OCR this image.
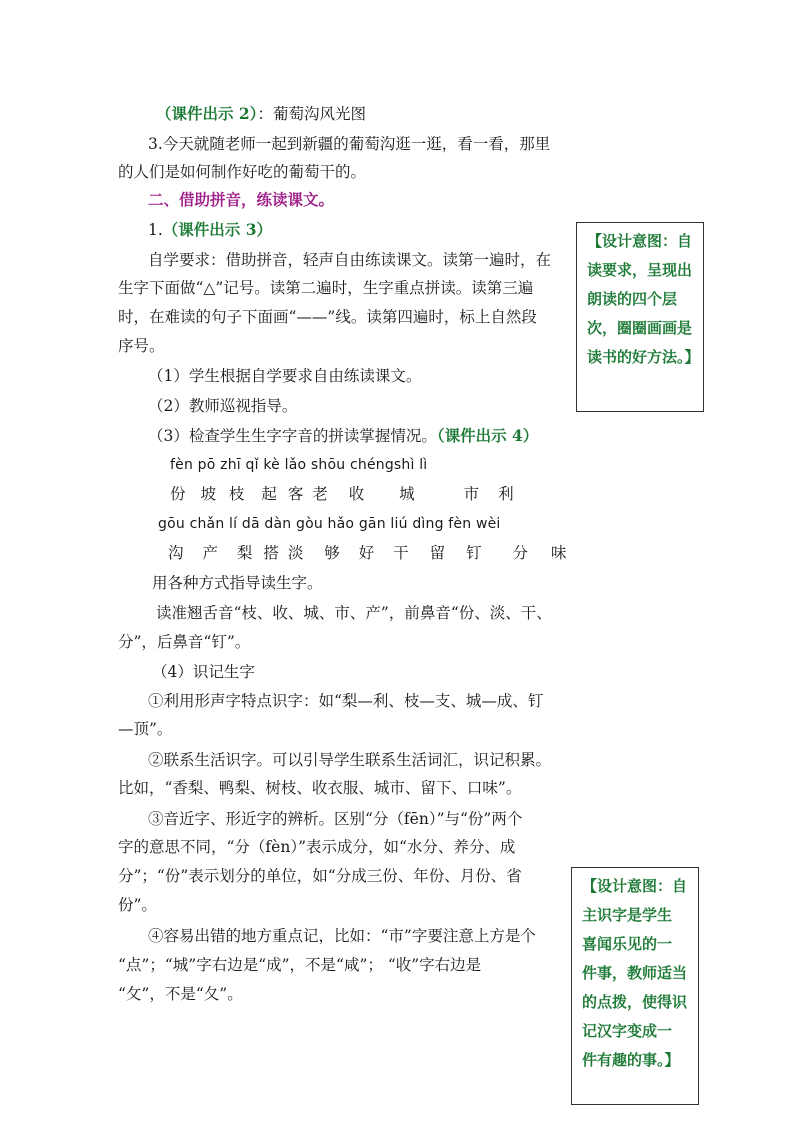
（课件出示 2）：葡萄沟风光图
3.今天就随老师一起到新疆的葡萄沟逛一逛，看一看，那里
的人们是如何制作好吃的葡萄干的。
二、借助拼音，练读课文。
1.（课件出示 3）
自学要求：借助拼音，轻声自由练读课文。读第一遍时，在
生字下面做“△”记号。读第二遍时，生字重点拼读。读第三遍
时，在难读的句子下面画“——”线。读第四遍时，标上自然段
序号。
（1）学生根据自学要求自由练读课文。
（2）教师巡视指导。
（3）检查学生生字字音的拼读掌握情况。（课件出示 4）
fèn pō zhī qǐ kè lǎo shōu chéngshì lì
份 坡 枝 起 客 老 收 城	市 利
gōu chǎn lí dā dàn gòu hǎo gān liú dìng fèn wèi
沟 产 梨 搭 淡 够 好 干 留 钉 分 味
用各种方式指导读生字。
读准翘舌音“枝、收、城、市、产”，前鼻音“份、淡、干、
分”，后鼻音“钉”。
（4）识记生字
①利用形声字特点识字：如“梨—利、枝—支、城—成、钉
—顶”。
②联系生活识字。可以引导学生联系生活词汇，识记积累。
比如，“香梨、鸭梨、树枝、收衣服、城市、留下、口味”。
③音近字、形近字的辨析。区别“分（fēn）”与“份”两个
字的意思不同，“分（fèn）”表示成分，如“水分、养分、成
分”；“份”表示划分的单位，如“分成三份、年份、月份、省
份”。
④容易出错的地方重点记，比如：“市”字要注意上方是个
“点”；“城”字右边是“成”，不是“咸”； “收”字右边是
“攵”，不是“夂”。
【设计意图：自
读要求，呈现出
朗读的四个层
次，圈圈画画是
读书的好方法。】
【设计意图：自
主识字是学生
喜闻乐见的一
件事，教师适当
的点拨，使得识
记汉字变成一
件有趣的事。】
